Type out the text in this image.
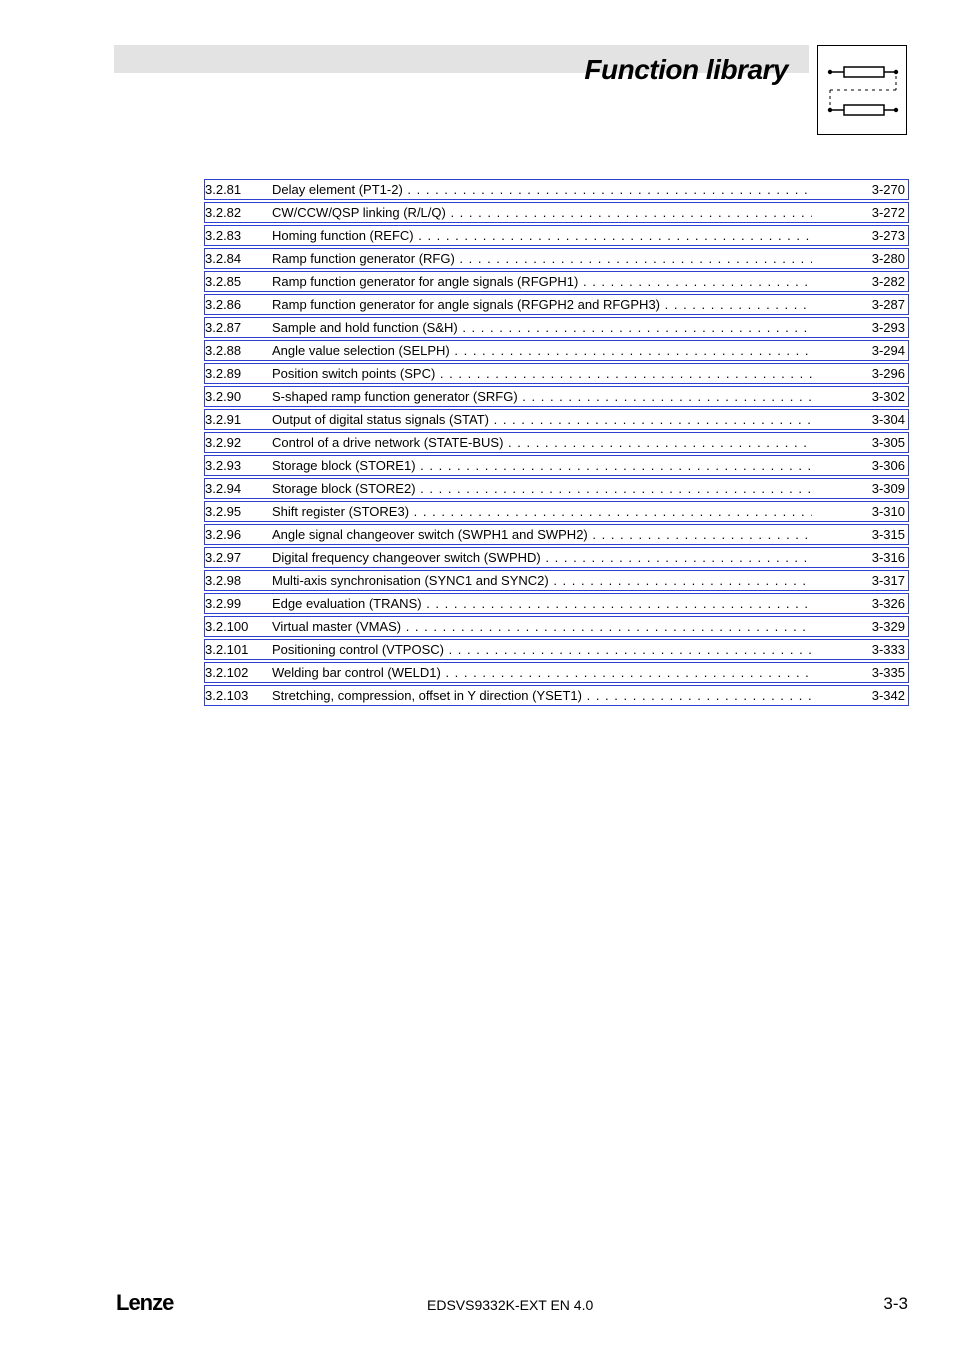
Function library
3.2.81 Delay element (PT1-2) . . .	3-270
3.2.82 CW/CCW/QSP linking (R/L/Q) . . .	3-272
3.2.83 Homing function (REFC) . . .	3-273
3.2.84 Ramp function generator (RFG) . . .	3-280
3.2.85 Ramp function generator for angle signals (RFGPH1) . . .	3-282
3.2.86 Ramp function generator for angle signals (RFGPH2 and RFGPH3) . . .	3-287
3.2.87 Sample and hold function (S&H) . . .	3-293
3.2.88 Angle value selection (SELPH) . . .	3-294
3.2.89 Position switch points (SPC) . . .	3-296
3.2.90 S-shaped ramp function generator (SRFG) . . .	3-302
3.2.91 Output of digital status signals (STAT) . . .	3-304
3.2.92 Control of a drive network (STATE-BUS) . . .	3-305
3.2.93 Storage block (STORE1) . . .	3-306
3.2.94 Storage block (STORE2) . . .	3-309
3.2.95 Shift register (STORE3) . . .	3-310
3.2.96 Angle signal changeover switch (SWPH1 and SWPH2) . . .	3-315
3.2.97 Digital frequency changeover switch (SWPHD) . . .	3-316
3.2.98 Multi-axis synchronisation (SYNC1 and SYNC2) . . .	3-317
3.2.99 Edge evaluation (TRANS) . . .	3-326
3.2.100 Virtual master (VMAS) . . .	3-329
3.2.101 Positioning control (VTPOSC) . . .	3-333
3.2.102 Welding bar control (WELD1) . . .	3-335
3.2.103 Stretching, compression, offset in Y direction (YSET1) . . .	3-342
Lenze	EDSVS9332K-EXT EN 4.0	3-3
